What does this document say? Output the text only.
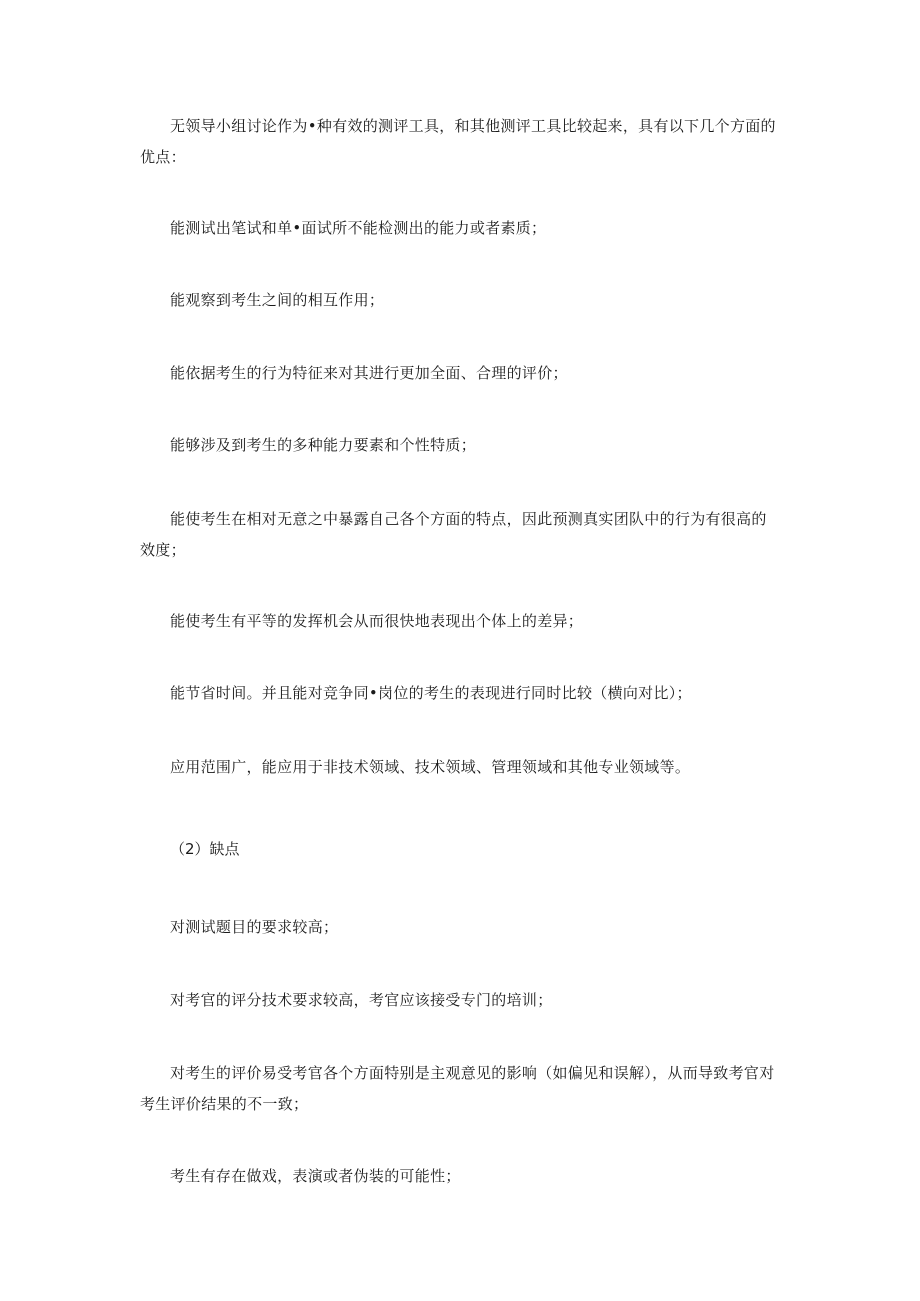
无领导小组讨论作为•种有效的测评工具，和其他测评工具比较起来，具有以下几个方面的优点：

能测试出笔试和单•面试所不能检测出的能力或者素质；

能观察到考生之间的相互作用；

能依据考生的行为特征来对其进行更加全面、合理的评价；

能够涉及到考生的多种能力要素和个性特质；

能使考生在相对无意之中暴露自己各个方面的特点，因此预测真实团队中的行为有很高的效度；

能使考生有平等的发挥机会从而很快地表现出个体上的差异；

能节省时间。并且能对竞争同•岗位的考生的表现进行同时比较（横向对比）；

应用范围广，能应用于非技术领域、技术领域、管理领域和其他专业领域等。

（2）缺点

对测试题目的要求较高；

对考官的评分技术要求较高，考官应该接受专门的培训；

对考生的评价易受考官各个方面特别是主观意见的影响（如偏见和误解），从而导致考官对考生评价结果的不一致；

考生有存在做戏，表演或者伪装的可能性；
